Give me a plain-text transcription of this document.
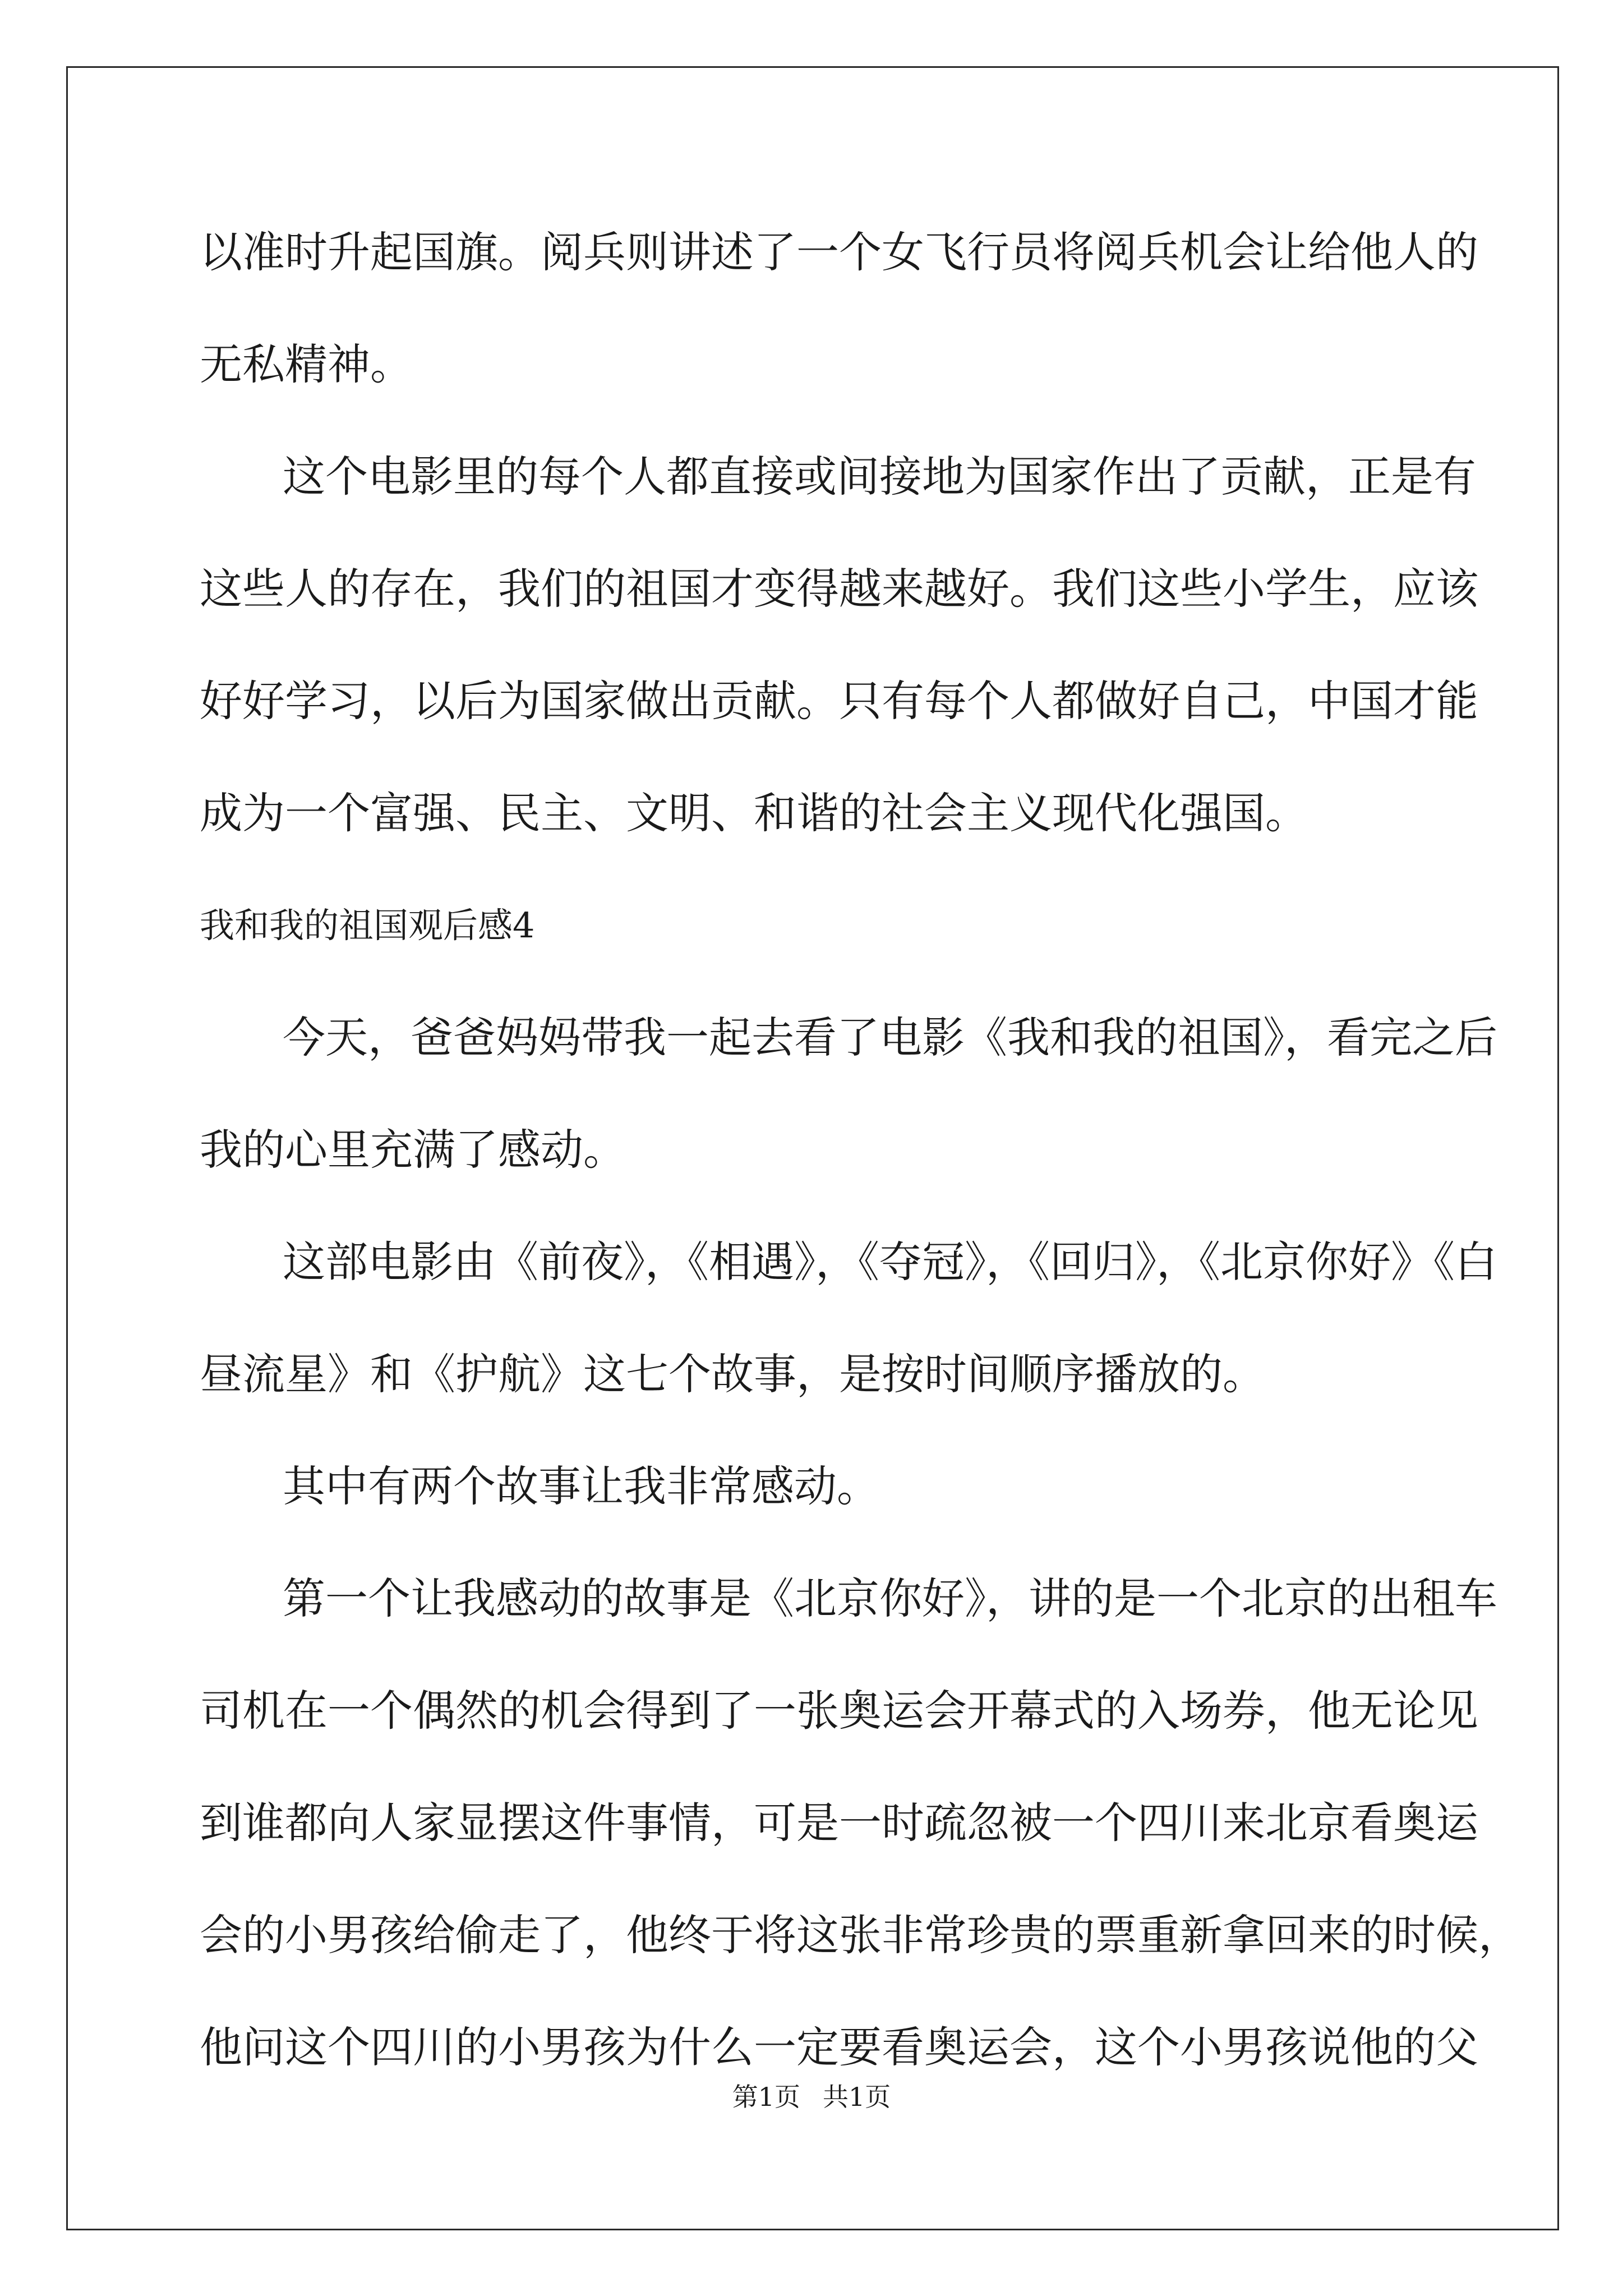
以准时升起国旗。阅兵则讲述了一个女飞行员将阅兵机会让给他人的
无私精神。
这个电影里的每个人都直接或间接地为国家作出了贡献，正是有
这些人的存在，我们的祖国才变得越来越好。我们这些小学生，应该
好好学习，以后为国家做出贡献。只有每个人都做好自己，中国才能
成为一个富强、民主、文明、和谐的社会主义现代化强国。
我和我的祖国观后感4
今天，爸爸妈妈带我一起去看了电影《我和我的祖国》，看完之后
我的心里充满了感动。
这部电影由《前夜》，《相遇》，《夺冠》，《回归》，《北京你好》《白
昼流星》和《护航》这七个故事，是按时间顺序播放的。
其中有两个故事让我非常感动。
第一个让我感动的故事是《北京你好》，讲的是一个北京的出租车
司机在一个偶然的机会得到了一张奥运会开幕式的入场券，他无论见
到谁都向人家显摆这件事情，可是一时疏忽被一个四川来北京看奥运
会的小男孩给偷走了，他终于将这张非常珍贵的票重新拿回来的时候，
他问这个四川的小男孩为什么一定要看奥运会，这个小男孩说他的父
第1页 共1页
